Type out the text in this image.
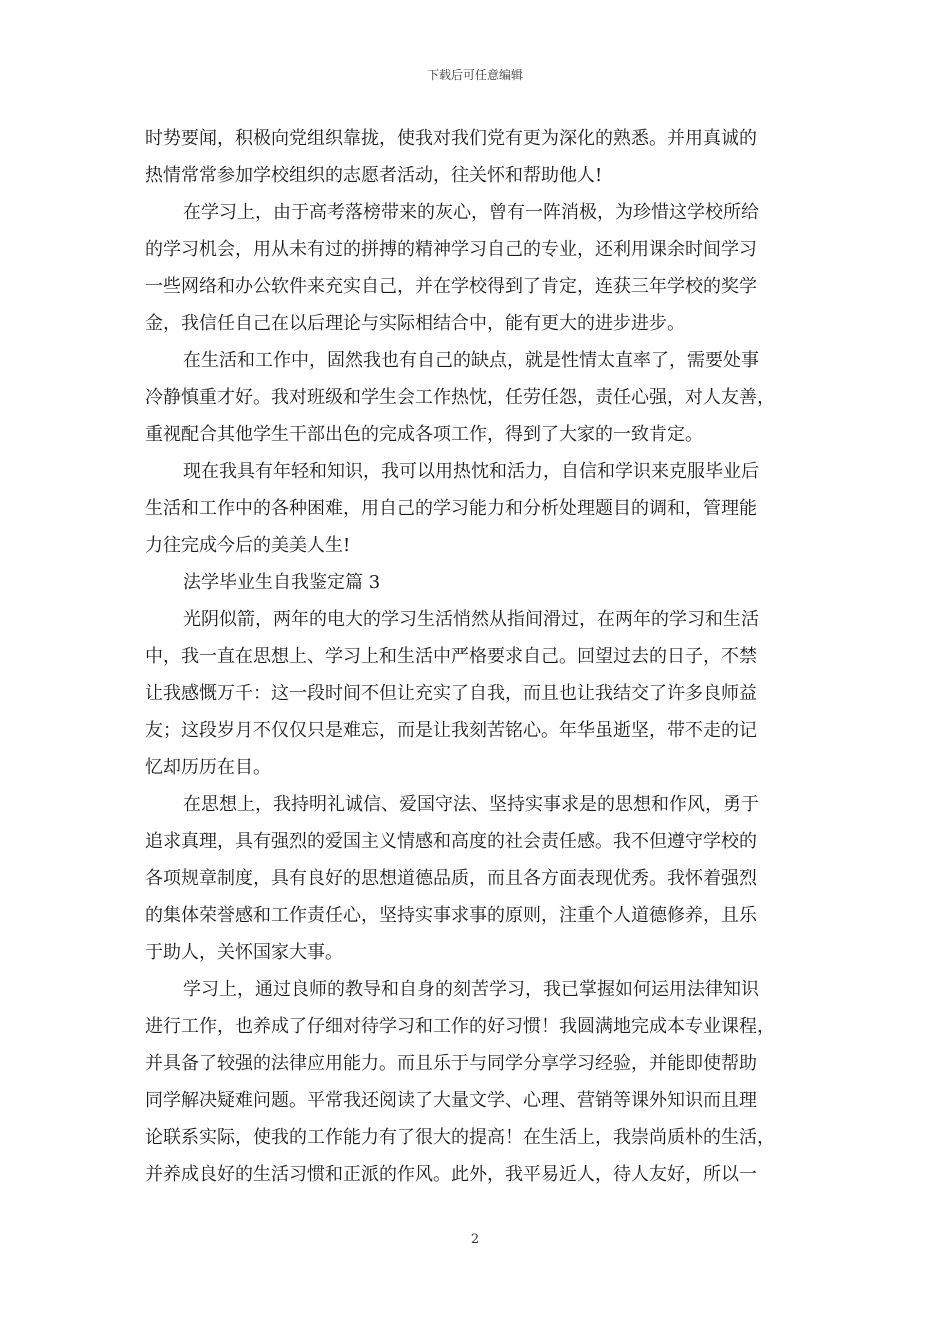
下载后可任意编辑
时势要闻，积极向党组织靠拢，使我对我们党有更为深化的熟悉。并用真诚的
热情常常参加学校组织的志愿者活动，往关怀和帮助他人!
在学习上，由于高考落榜带来的灰心，曾有一阵消极，为珍惜这学校所给
的学习机会，用从未有过的拼搏的精神学习自己的专业，还利用课余时间学习
一些网络和办公软件来充实自己，并在学校得到了肯定，连获三年学校的奖学
金，我信任自己在以后理论与实际相结合中，能有更大的进步进步。
在生活和工作中，固然我也有自己的缺点，就是性情太直率了，需要处事
冷静慎重才好。我对班级和学生会工作热忱，任劳任怨，责任心强，对人友善，
重视配合其他学生干部出色的完成各项工作，得到了大家的一致肯定。
现在我具有年轻和知识，我可以用热忱和活力，自信和学识来克服毕业后
生活和工作中的各种困难，用自己的学习能力和分析处理题目的调和，管理能
力往完成今后的美美人生!
法学毕业生自我鉴定篇 3
光阴似箭，两年的电大的学习生活悄然从指间滑过，在两年的学习和生活
中，我一直在思想上、学习上和生活中严格要求自己。回望过去的日子，不禁
让我感慨万千：这一段时间不但让充实了自我，而且也让我结交了许多良师益
友；这段岁月不仅仅只是难忘，而是让我刻苦铭心。年华虽逝坚，带不走的记
忆却历历在目。
在思想上，我持明礼诚信、爱国守法、坚持实事求是的思想和作风，勇于
追求真理，具有强烈的爱国主义情感和高度的社会责任感。我不但遵守学校的
各项规章制度，具有良好的思想道德品质，而且各方面表现优秀。我怀着强烈
的集体荣誉感和工作责任心，坚持实事求事的原则，注重个人道德修养，且乐
于助人，关怀国家大事。
学习上，通过良师的教导和自身的刻苦学习，我已掌握如何运用法律知识
进行工作，也养成了仔细对待学习和工作的好习惯！我圆满地完成本专业课程，
并具备了较强的法律应用能力。而且乐于与同学分享学习经验，并能即使帮助
同学解决疑难问题。平常我还阅读了大量文学、心理、营销等课外知识而且理
论联系实际，使我的工作能力有了很大的提高！在生活上，我崇尚质朴的生活，
并养成良好的生活习惯和正派的作风。此外，我平易近人，待人友好，所以一
2
